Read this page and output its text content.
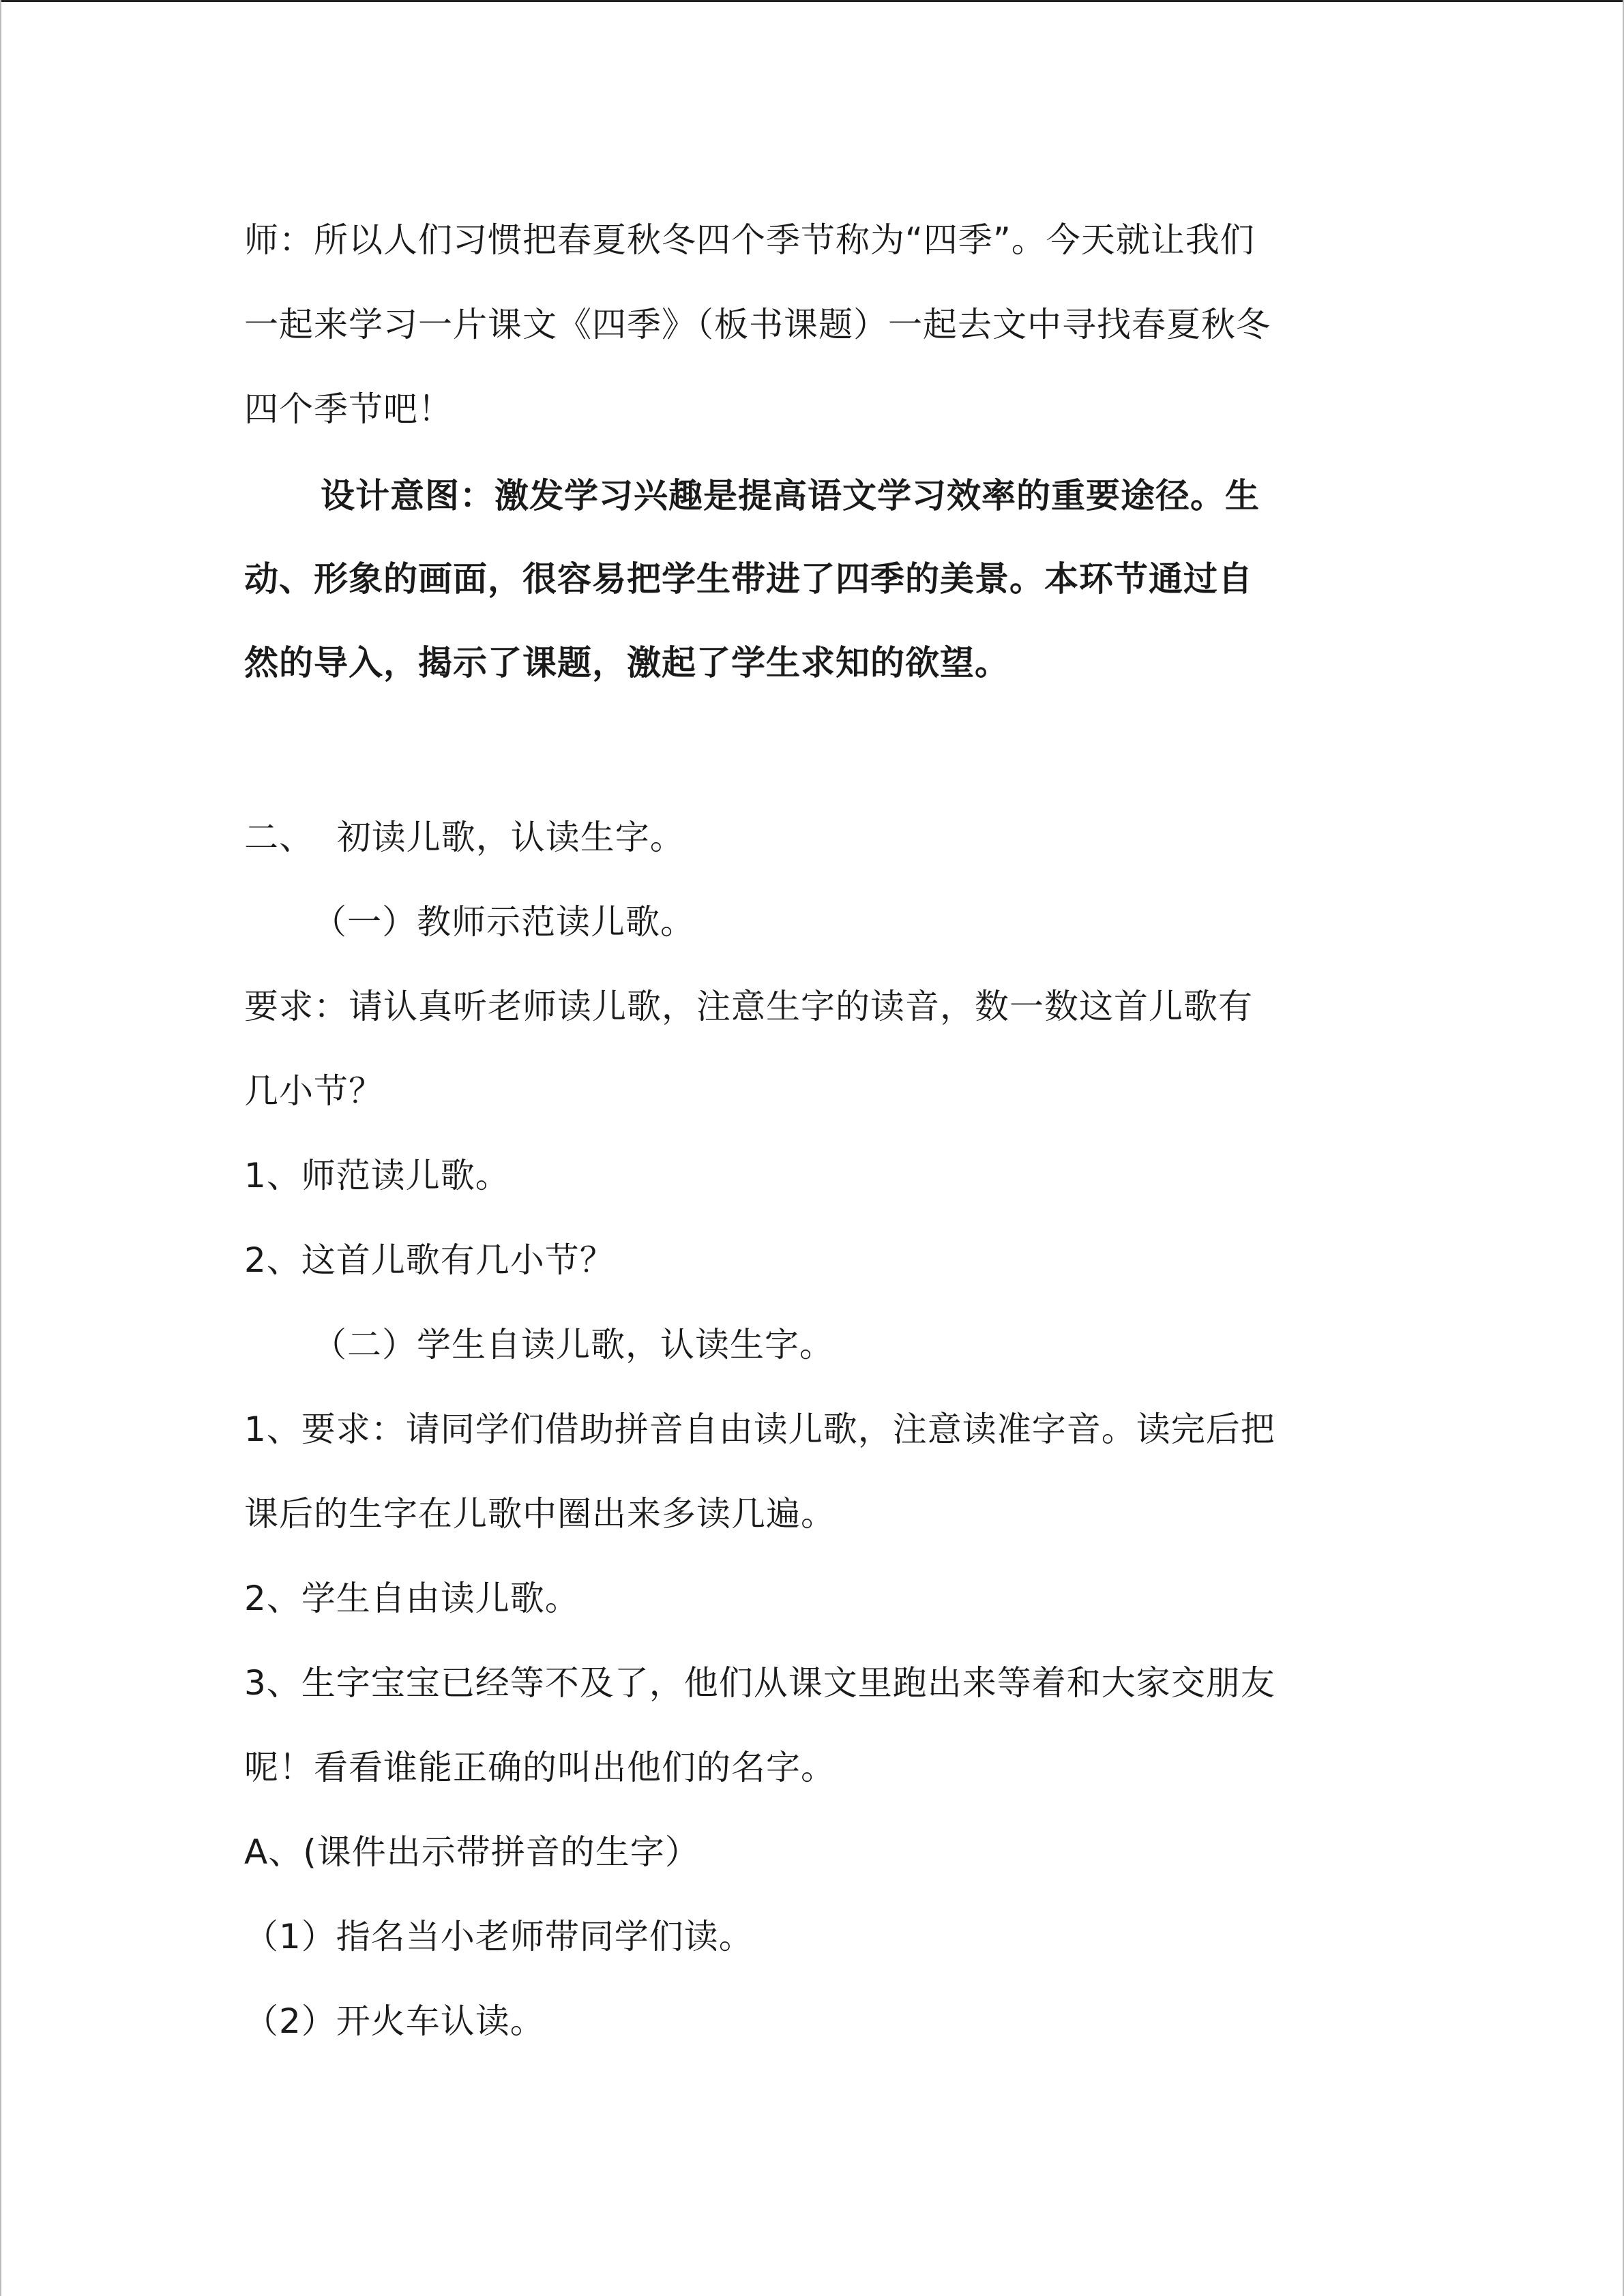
师：所以人们习惯把春夏秋冬四个季节称为“四季”。今天就让我们
一起来学习一片课文《四季》（板书课题）一起去文中寻找春夏秋冬
四个季节吧！
设计意图：激发学习兴趣是提高语文学习效率的重要途径。生
动、形象的画面，很容易把学生带进了四季的美景。本环节通过自
然的导入，揭示了课题，激起了学生求知的欲望。
二、  初读儿歌，认读生字。
（一）教师示范读儿歌。
要求：请认真听老师读儿歌，注意生字的读音，数一数这首儿歌有
几小节？
1、师范读儿歌。
2、这首儿歌有几小节？
（二）学生自读儿歌，认读生字。
1、要求：请同学们借助拼音自由读儿歌，注意读准字音。读完后把
课后的生字在儿歌中圈出来多读几遍。
2、学生自由读儿歌。
3、生字宝宝已经等不及了，他们从课文里跑出来等着和大家交朋友
呢！看看谁能正确的叫出他们的名字。
A、(课件出示带拼音的生字）
（1）指名当小老师带同学们读。
（2）开火车认读。
